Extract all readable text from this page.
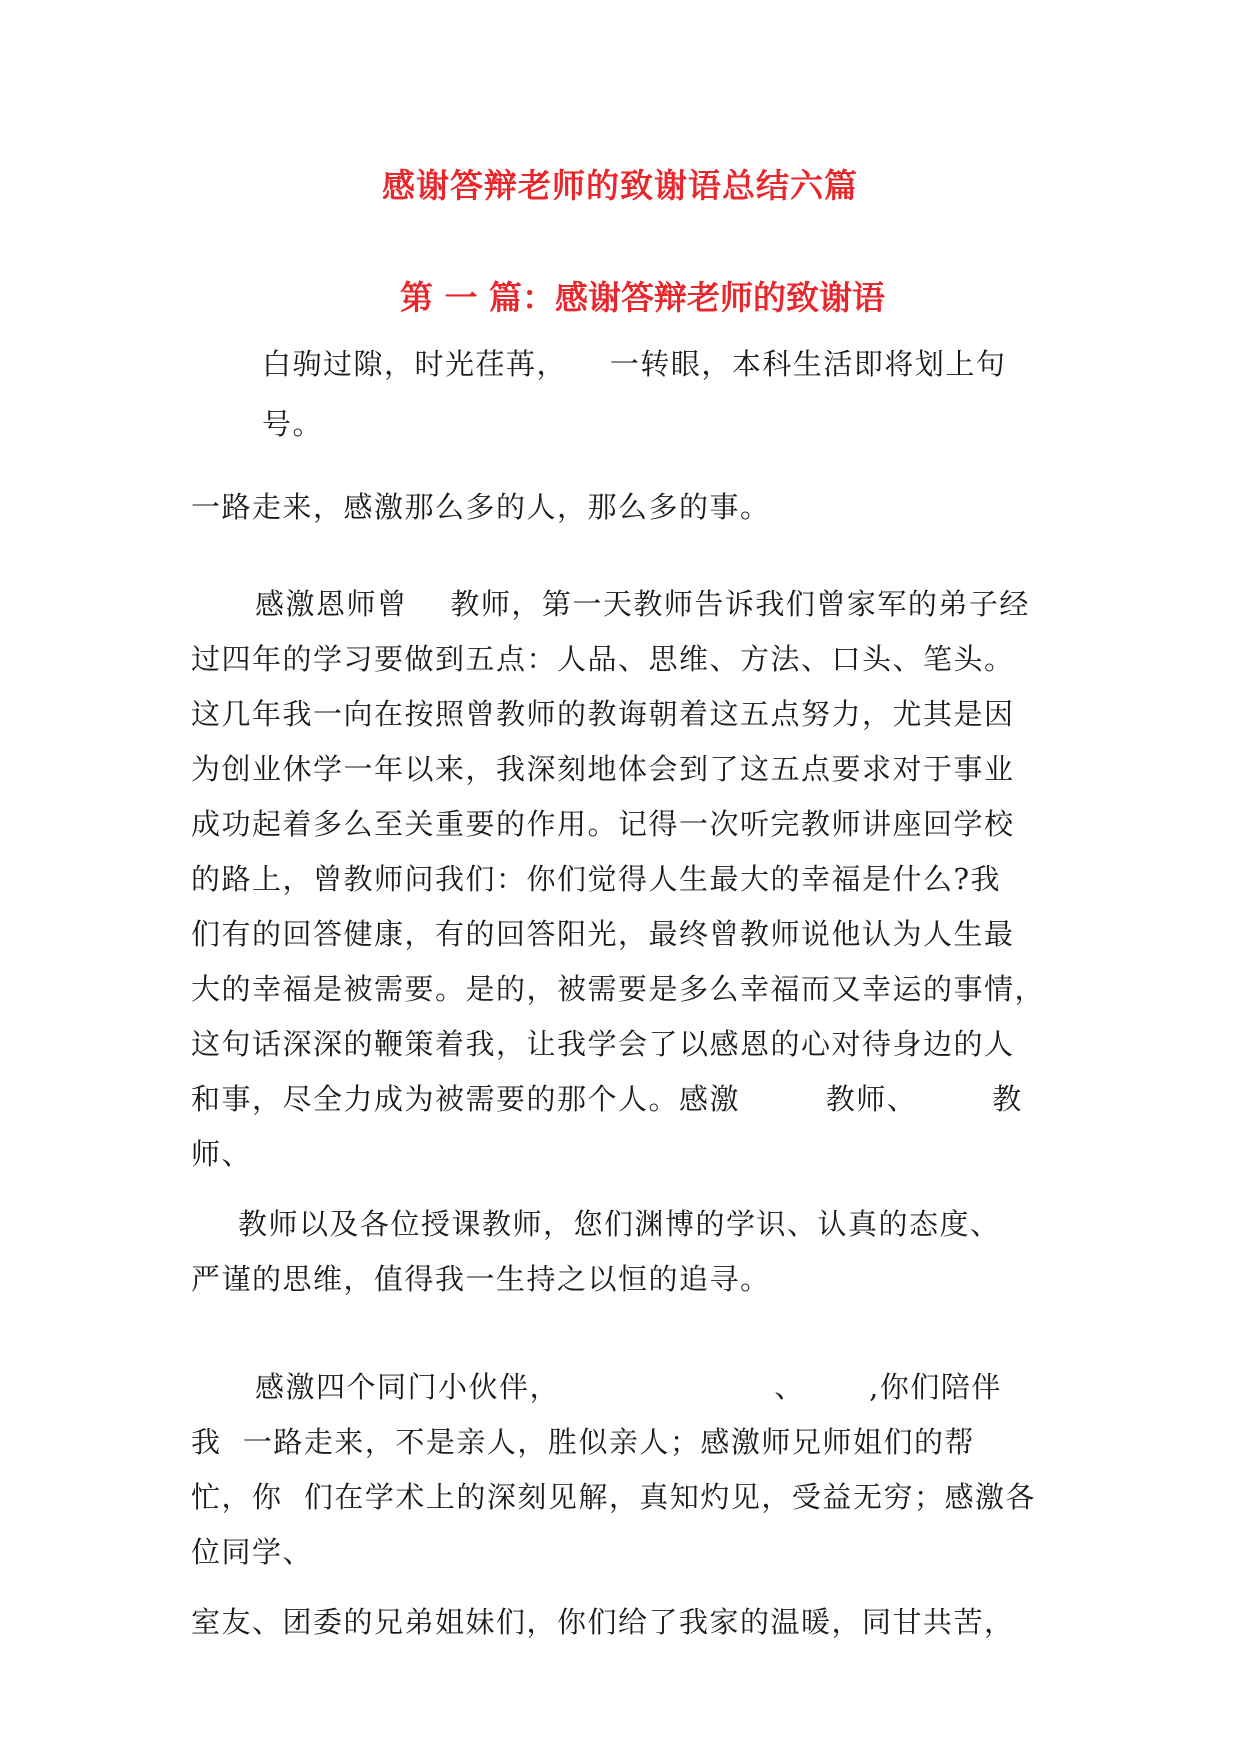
感谢答辩老师的致谢语总结六篇
第 一 篇：感谢答辩老师的致谢语

白驹过隙，时光荏苒，    一转眼，本科生活即将划上句

号。

一路走来，感激那么多的人，那么多的事。

感激恩师曾    教师，第一天教师告诉我们曾家军的弟子经

过四年的学习要做到五点：人品、思维、方法、口头、笔头。

这几年我一向在按照曾教师的教诲朝着这五点努力，尤其是因

为创业休学一年以来，我深刻地体会到了这五点要求对于事业

成功起着多么至关重要的作用。记得一次听完教师讲座回学校

的路上，曾教师问我们：你们觉得人生最大的幸福是什么?我

们有的回答健康，有的回答阳光，最终曾教师说他认为人生最

大的幸福是被需要。是的，被需要是多么幸福而又幸运的事情，

这句话深深的鞭策着我，让我学会了以感恩的心对待身边的人

和事，尽全力成为被需要的那个人。感激        教师、       教

师、

教师以及各位授课教师，您们渊博的学识、认真的态度、

严谨的思维，值得我一生持之以恒的追寻。

感激四个同门小伙伴，                    、      ,你们陪伴

我  一路走来，不是亲人，胜似亲人；感激师兄师姐们的帮

忙，你  们在学术上的深刻见解，真知灼见，受益无穷；感激各

位同学、

室友、团委的兄弟姐妹们，你们给了我家的温暖，同甘共苦，
